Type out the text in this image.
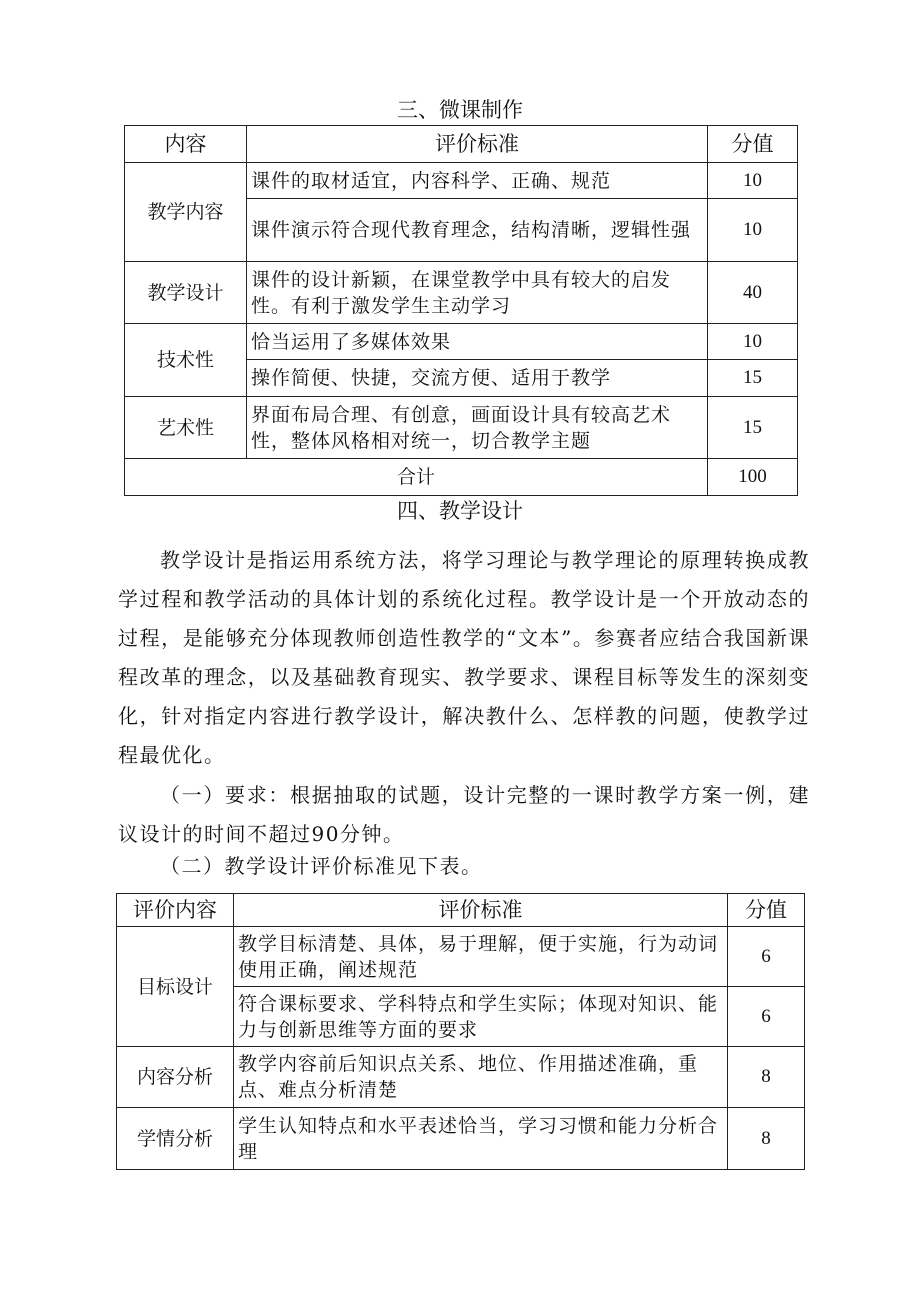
三、微课制作
内容	评价标准	分值
教学内容	课件的取材适宜，内容科学、正确、规范	10
	课件演示符合现代教育理念，结构清晰，逻辑性强	10
教学设计	课件的设计新颖，在课堂教学中具有较大的启发性。有利于激发学生主动学习	40
技术性	恰当运用了多媒体效果	10
	操作简便、快捷，交流方便、适用于教学	15
艺术性	界面布局合理、有创意，画面设计具有较高艺术性，整体风格相对统一，切合教学主题	15
合计		100
四、教学设计
教学设计是指运用系统方法，将学习理论与教学理论的原理转换成教学过程和教学活动的具体计划的系统化过程。教学设计是一个开放动态的过程，是能够充分体现教师创造性教学的“文本”。参赛者应结合我国新课程改革的理念，以及基础教育现实、教学要求、课程目标等发生的深刻变化，针对指定内容进行教学设计，解决教什么、怎样教的问题，使教学过程最优化。
（一）要求：根据抽取的试题，设计完整的一课时教学方案一例，建议设计的时间不超过90分钟。
（二）教学设计评价标准见下表。
评价内容	评价标准	分值
目标设计	教学目标清楚、具体，易于理解，便于实施，行为动词使用正确，阐述规范	6
	符合课标要求、学科特点和学生实际；体现对知识、能力与创新思维等方面的要求	6
内容分析	教学内容前后知识点关系、地位、作用描述准确，重点、难点分析清楚	8
学情分析	学生认知特点和水平表述恰当，学习习惯和能力分析合理	8
